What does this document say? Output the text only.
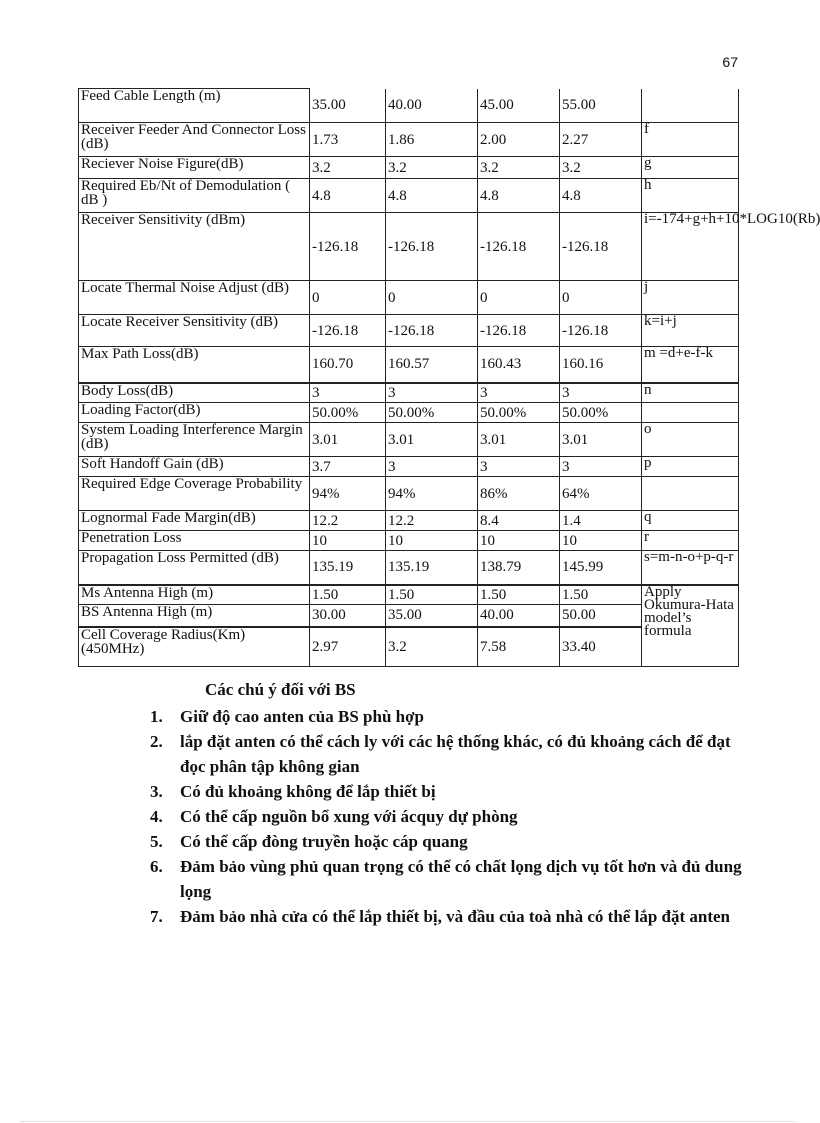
67
Feed Cable Length (m)	35.00	40.00	45.00	55.00	
Receiver Feeder And Connector Loss (dB)	1.73	1.86	2.00	2.27	f
Reciever Noise Figure(dB)	3.2	3.2	3.2	3.2	g
Required Eb/Nt of Demodulation ( dB )	4.8	4.8	4.8	4.8	h
Receiver Sensitivity (dBm)	-126.18	-126.18	-126.18	-126.18	i=-174+g+h+10*LOG10(Rb)
Locate Thermal Noise Adjust (dB)	0	0	0	0	j
Locate Receiver Sensitivity (dB)	-126.18	-126.18	-126.18	-126.18	k=i+j
Max Path Loss(dB)	160.70	160.57	160.43	160.16	m =d+e-f-k
Body Loss(dB)	3	3	3	3	n
Loading Factor(dB)	50.00%	50.00%	50.00%	50.00%	
System Loading Interference Margin (dB)	3.01	3.01	3.01	3.01	o
Soft Handoff Gain (dB)	3.7	3	3	3	p
Required Edge Coverage Probability	94%	94%	86%	64%	
Lognormal Fade Margin(dB)	12.2	12.2	8.4	1.4	q
Penetration Loss	10	10	10	10	r
Propagation Loss Permitted (dB)	135.19	135.19	138.79	145.99	s=m-n-o+p-q-r
Ms Antenna High (m)	1.50	1.50	1.50	1.50	Apply Okumura-Hata model’s formula
BS Antenna High (m)	30.00	35.00	40.00	50.00	
Cell Coverage Radius(Km)(450MHz)	2.97	3.2	7.58	33.40	
Các chú ý đối với BS
1.	Giữ độ cao anten của BS phù hợp
2.	lắp đặt anten có thể cách ly với các hệ thống khác, có đủ khoảng cách để đạt đọc phân tập không gian
3.	Có đủ khoảng không để lắp thiết bị
4.	Có thể cấp nguồn bổ xung với ácquy dự phòng
5.	Có thể cấp đòng truyền hoặc cáp quang
6.	Đảm bảo vùng phủ quan trọng có thể có chất lọng dịch vụ tốt hơn và đủ dung lọng
7.	Đảm bảo nhà cửa có thể lắp thiết bị, và đầu của toà nhà có thể lắp đặt anten
